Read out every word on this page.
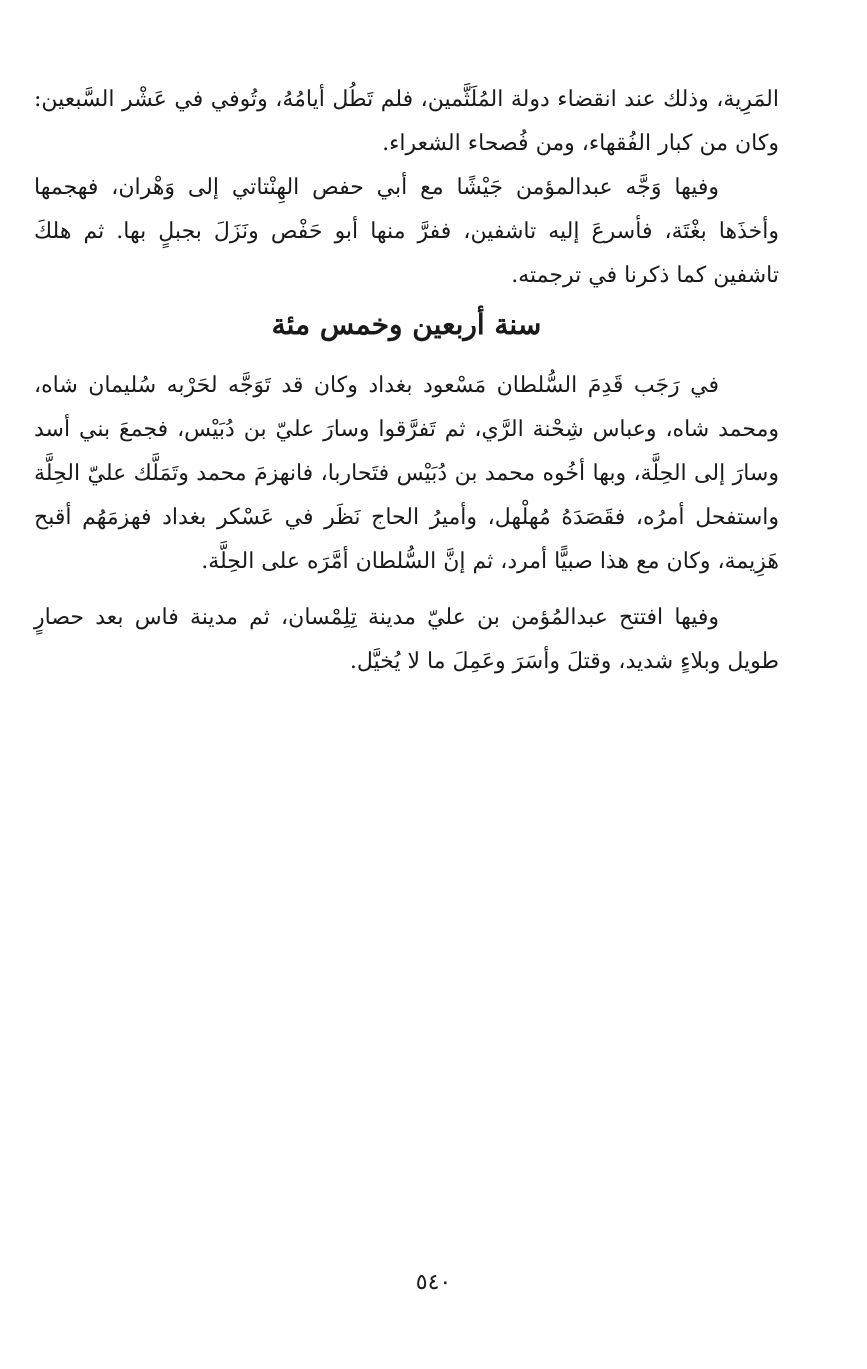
المَرِية، وذلك عند انقضاء دولة المُلَثَّمين، فلم تَطُل أيامُهُ، وتُوفي في عَشْر السَّبعين: وكان من كبار الفُقهاء، ومن فُصحاء الشعراء.

وفيها وَجَّه عبدالمؤمن جَيْشًا مع أبي حفص الهِنْتاتي إلى وَهْران، فهجمها وأخذَها بغْتَة، فأسرعَ إليه تاشفين، ففرَّ منها أبو حَفْص ونَزَلَ بجبلٍ بها. ثم هلكَ تاشفين كما ذكرنا في ترجمته.

سنة أربعين وخمس مئة

في رَجَب قَدِمَ السُّلطان مَسْعود بغداد وكان قد تَوَجَّه لحَرْبه سُليمان شاه، ومحمد شاه، وعباس شِحْنة الرَّي، ثم تَفرَّقوا وسارَ عليّ بن دُبَيْس، فجمعَ بني أسد وسارَ إلى الحِلَّة، وبها أخُوه محمد بن دُبَيْس فتَحاربا، فانهزمَ محمد وتَمَلَّك عليّ الحِلَّة واستفحل أمرُه، فقَصَدَهُ مُهلْهل، وأميرُ الحاج نَظَر في عَسْكر بغداد فهزمَهُم أقبح هَزِيمة، وكان مع هذا صبيًّا أمرد، ثم إنَّ السُّلطان أمَّرَه على الحِلَّة.

وفيها افتتح عبدالمُؤمن بن عليّ مدينة تِلِمْسان، ثم مدينة فاس بعد حصارٍ طويل وبلاءٍ شديد، وقتلَ وأسَرَ وعَمِلَ ما لا يُخيَّل.

٥٤٠
